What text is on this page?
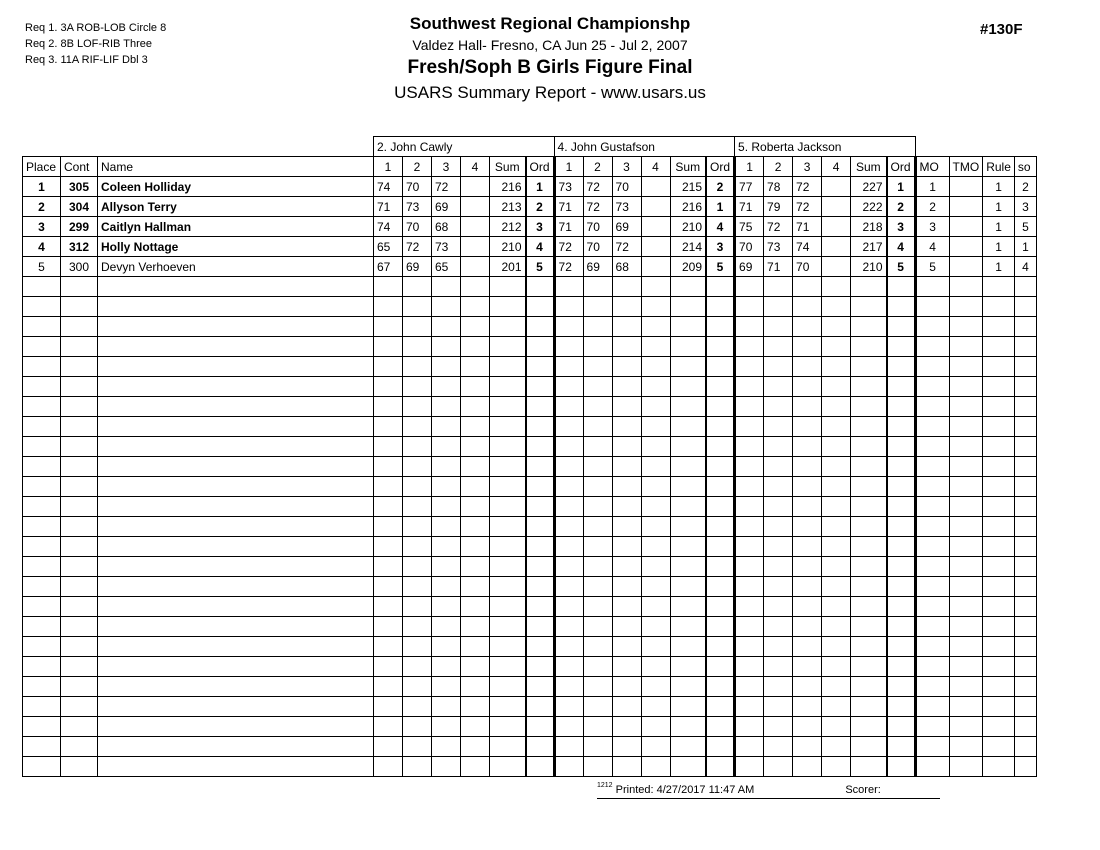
Req 1. 3A ROB-LOB Circle 8
Req 2. 8B LOF-RIB Three
Req 3. 11A RIF-LIF Dbl 3
Southwest Regional Championshp
Valdez Hall- Fresno, CA Jun 25 - Jul 2, 2007
Fresh/Soph B Girls Figure Final
USARS Summary Report - www.usars.us
#130F
			2. John Cawly						4. John Gustafson						5. Roberta Jackson									
Place	Cont	Name	1	2	3	4	Sum	Ord	1	2	3	4	Sum	Ord	1	2	3	4	Sum	Ord	MO	TMO	Rule	so
1	305	Coleen Holliday	74	70	72		216	1	73	72	70		215	2	77	78	72		227	1	1		1	2
2	304	Allyson Terry	71	73	69		213	2	71	72	73		216	1	71	79	72		222	2	2		1	3
3	299	Caitlyn Hallman	74	70	68		212	3	71	70	69		210	4	75	72	71		218	3	3		1	5
4	312	Holly Nottage	65	72	73		210	4	72	70	72		214	3	70	73	74		217	4	4		1	1
5	300	Devyn Verhoeven	67	69	65		201	5	72	69	68		209	5	69	71	70		210	5	5		1	4

$^{1212}$ Printed: 4/27/2017 11:47 AM	Scorer:
